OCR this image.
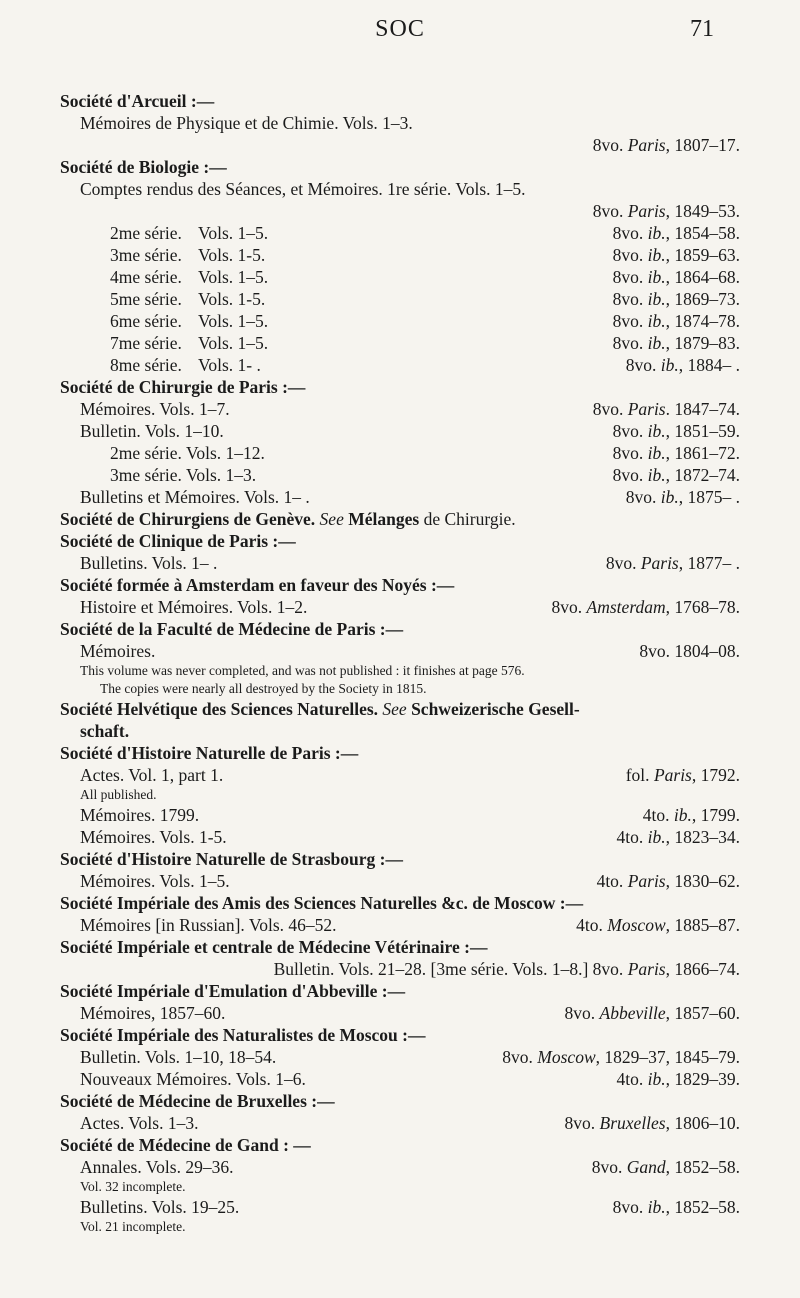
SOC	71
Société d'Arcueil :—
Mémoires de Physique et de Chimie. Vols. 1–3.
8vo. Paris, 1807–17.
Société de Biologie :—
Comptes rendus des Séances, et Mémoires. 1re série. Vols. 1–5.
8vo. Paris, 1849–53.
2me série. Vols. 1–5.	8vo. ib., 1854–58.
3me série. Vols. 1-5.	8vo. ib., 1859–63.
4me série. Vols. 1–5.	8vo. ib., 1864–68.
5me série. Vols. 1-5.	8vo. ib., 1869–73.
6me série. Vols. 1–5.	8vo. ib., 1874–78.
7me série. Vols. 1–5.	8vo. ib., 1879–83.
8me série. Vols. 1- .	8vo. ib., 1884– .
Société de Chirurgie de Paris :—
Mémoires. Vols. 1–7.	8vo. Paris. 1847–74.
Bulletin. Vols. 1–10.	8vo. ib., 1851–59.
2me série. Vols. 1–12.	8vo. ib., 1861–72.
3me série. Vols. 1–3.	8vo. ib., 1872–74.
Bulletins et Mémoires. Vols. 1– .	8vo. ib., 1875– .
Société de Chirurgiens de Genève. See Mélanges de Chirurgie.
Société de Clinique de Paris :—
Bulletins. Vols. 1– .	8vo. Paris, 1877– .
Société formée à Amsterdam en faveur des Noyés :—
Histoire et Mémoires. Vols. 1–2.	8vo. Amsterdam, 1768–78.
Société de la Faculté de Médecine de Paris :—
Mémoires.	8vo. 1804–08.
This volume was never completed, and was not published : it finishes at page 576.
The copies were nearly all destroyed by the Society in 1815.
Société Helvétique des Sciences Naturelles. See Schweizerische Gesell-
schaft.
Société d'Histoire Naturelle de Paris :—
Actes. Vol. 1, part 1.	fol. Paris, 1792.
All published.
Mémoires. 1799.	4to. ib., 1799.
Mémoires. Vols. 1-5.	4to. ib., 1823–34.
Société d'Histoire Naturelle de Strasbourg :—
Mémoires. Vols. 1–5.	4to. Paris, 1830–62.
Société Impériale des Amis des Sciences Naturelles &c. de Moscow :—
Mémoires [in Russian]. Vols. 46–52.	4to. Moscow, 1885–87.
Société Impériale et centrale de Médecine Vétérinaire :—
Bulletin. Vols. 21–28. [3me série. Vols. 1–8.] 8vo. Paris, 1866–74.
Société Impériale d'Emulation d'Abbeville :—
Mémoires, 1857–60.	8vo. Abbeville, 1857–60.
Société Impériale des Naturalistes de Moscou :—
Bulletin. Vols. 1–10, 18–54.	8vo. Moscow, 1829–37, 1845–79.
Nouveaux Mémoires. Vols. 1–6.	4to. ib., 1829–39.
Société de Médecine de Bruxelles :—
Actes. Vols. 1–3.	8vo. Bruxelles, 1806–10.
Société de Médecine de Gand : —
Annales. Vols. 29–36.	8vo. Gand, 1852–58.
Vol. 32 incomplete.
Bulletins. Vols. 19–25.	8vo. ib., 1852–58.
Vol. 21 incomplete.
